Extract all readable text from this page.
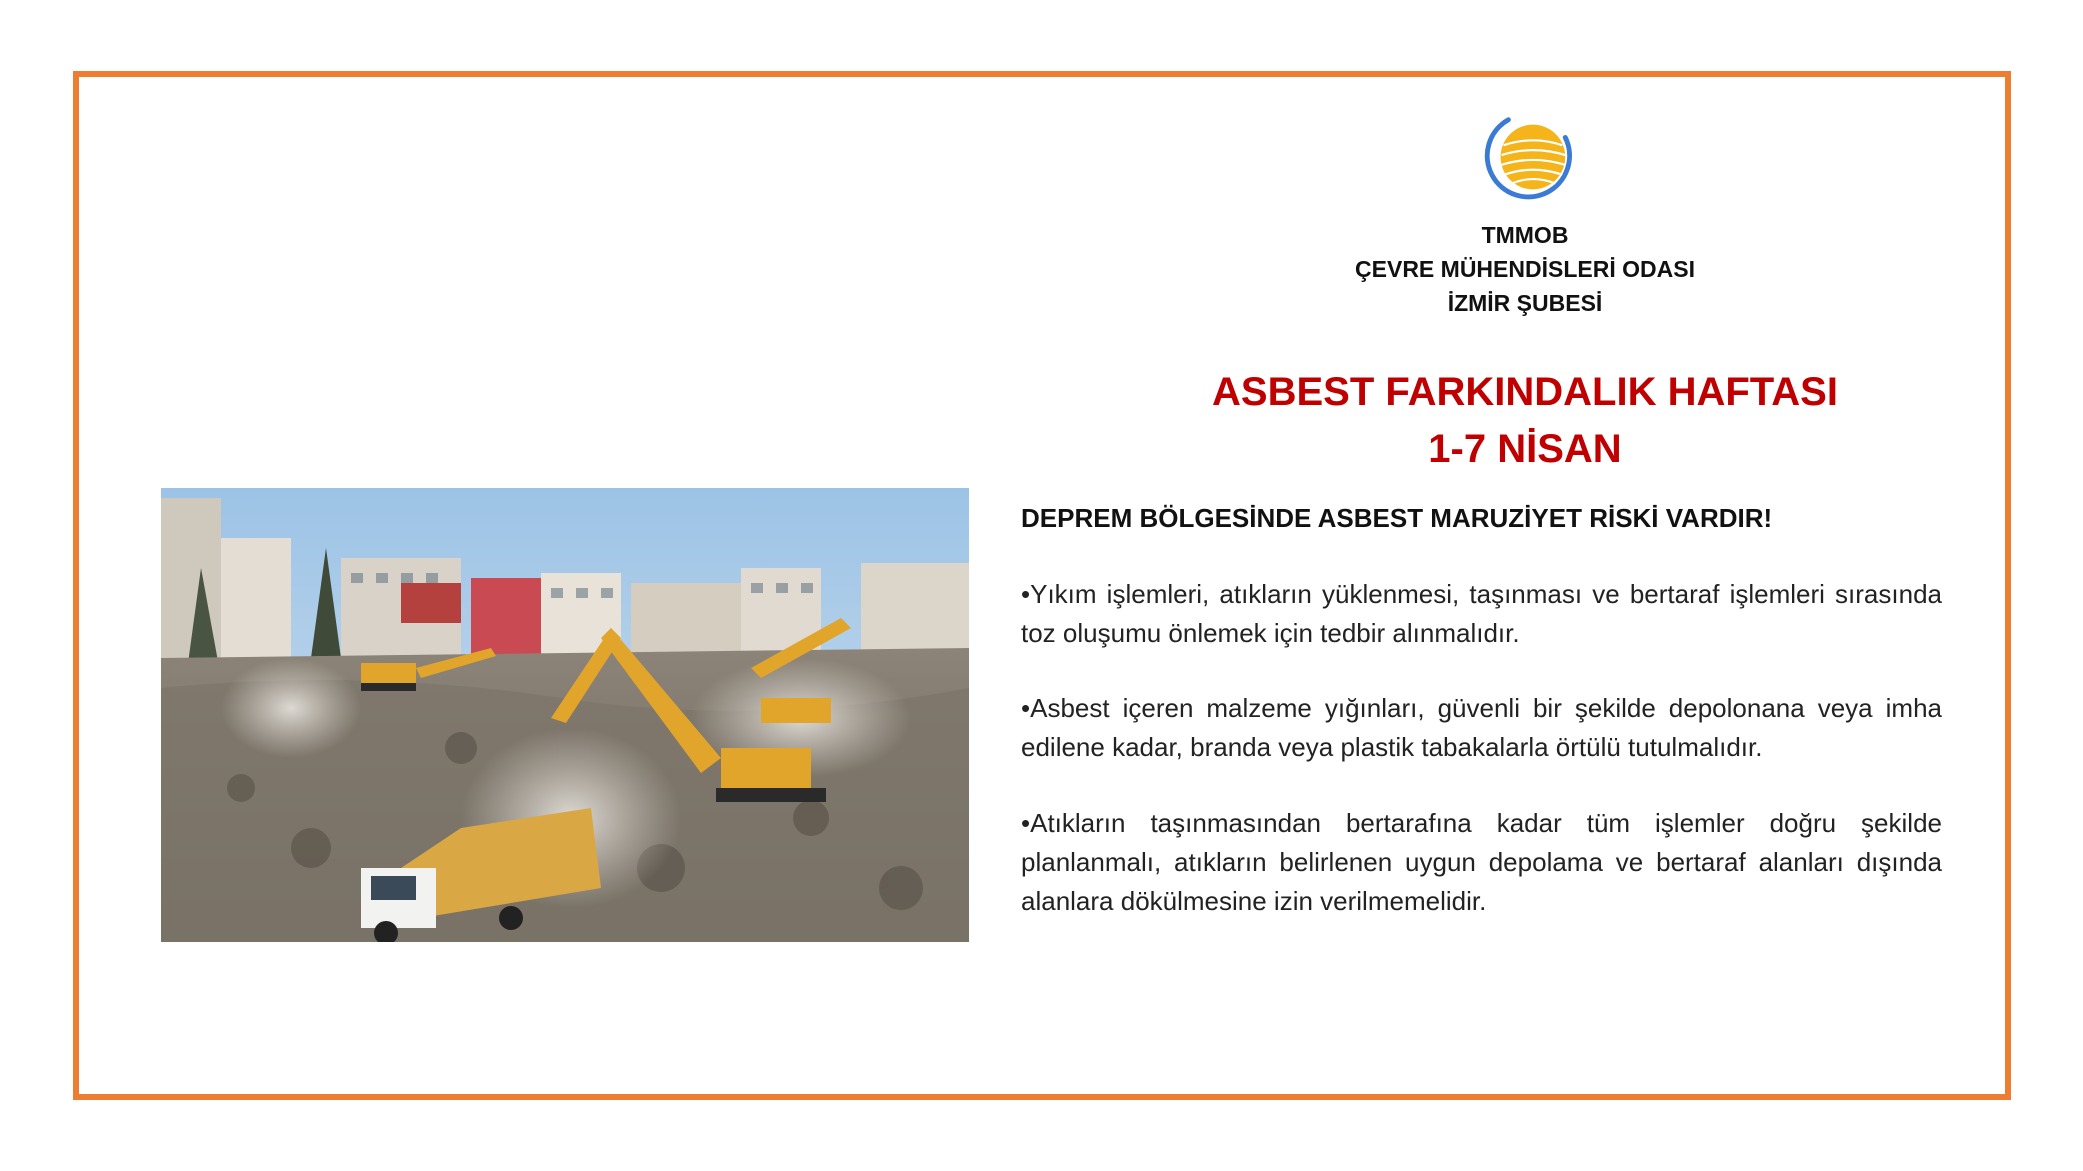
TMMOB
ÇEVRE MÜHENDİSLERİ ODASI
İZMİR ŞUBESİ
ASBEST FARKINDALIK HAFTASI
1-7 NİSAN
DEPREM BÖLGESİNDE ASBEST MARUZİYET RİSKİ VARDIR!
•Yıkım işlemleri, atıkların yüklenmesi, taşınması ve bertaraf işlemleri sırasında toz oluşumu önlemek için tedbir alınmalıdır.
•Asbest içeren malzeme yığınları, güvenli bir şekilde depolonana veya imha edilene kadar, branda veya plastik tabakalarla örtülü tutulmalıdır.
•Atıkların taşınmasından bertarafına kadar tüm işlemler doğru şekilde planlanmalı, atıkların belirlenen uygun depolama ve bertaraf alanları dışında alanlara dökülmesine izin verilmemelidir.
